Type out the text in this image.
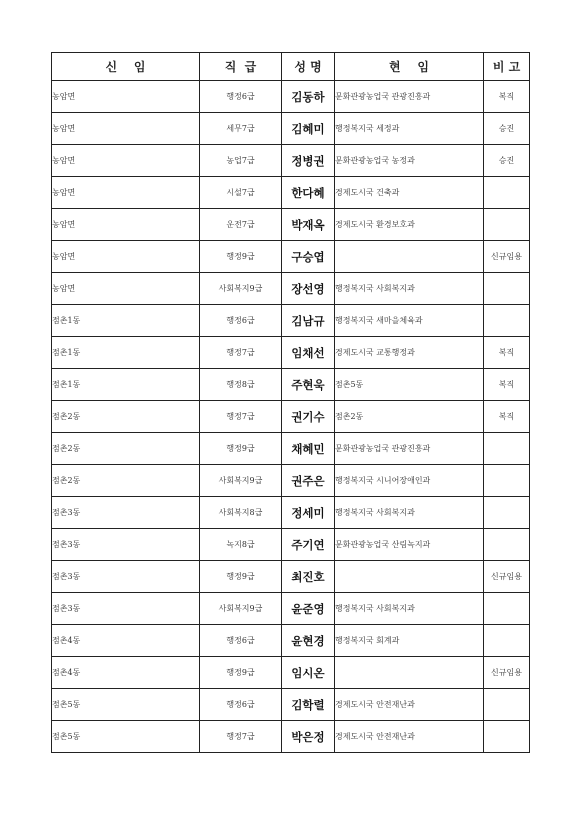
신    임	직  급	성 명	현    임	비 고
농암면	행정6급	김동하	문화관광농업국 관광진흥과	복직
농암면	세무7급	김혜미	행정복지국 세정과	승진
농암면	농업7급	정병권	문화관광농업국 농정과	승진
농암면	시설7급	한다혜	경제도시국 건축과	
농암면	운전7급	박재옥	경제도시국 환경보호과	
농암면	행정9급	구승엽		신규임용
농암면	사회복지9급	장선영	행정복지국 사회복지과	
점촌1동	행정6급	김남규	행정복지국 새마을체육과	
점촌1동	행정7급	임채선	경제도시국 교통행정과	복직
점촌1동	행정8급	주현욱	점촌5동	복직
점촌2동	행정7급	권기수	점촌2동	복직
점촌2동	행정9급	채혜민	문화관광농업국 관광진흥과	
점촌2동	사회복지9급	권주은	행정복지국 시니어장애인과	
점촌3동	사회복지8급	정세미	행정복지국 사회복지과	
점촌3동	녹지8급	주기연	문화관광농업국 산림녹지과	
점촌3동	행정9급	최진호		신규임용
점촌3동	사회복지9급	윤준영	행정복지국 사회복지과	
점촌4동	행정6급	윤현경	행정복지국 회계과	
점촌4동	행정9급	임시온		신규임용
점촌5동	행정6급	김학렬	경제도시국 안전재난과	
점촌5동	행정7급	박은정	경제도시국 안전재난과	
